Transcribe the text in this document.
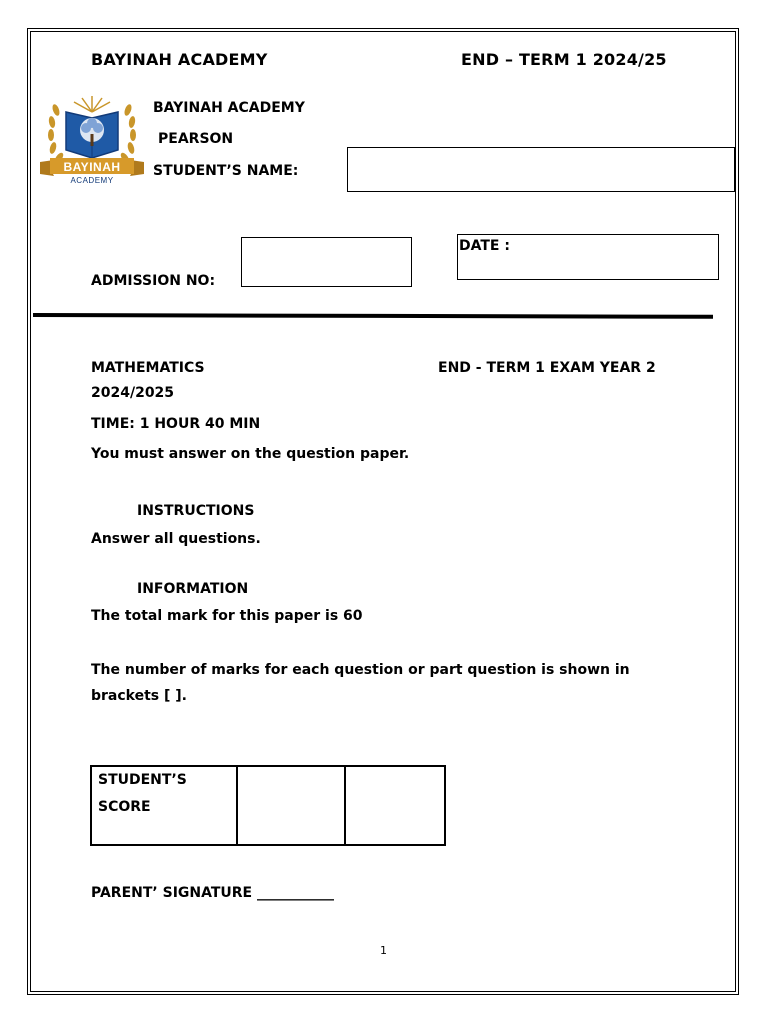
BAYINAH ACADEMY	END – TERM 1 2024/25
BAYINAH
ACADEMY
BAYINAH ACADEMY
PEARSON
STUDENT’S NAME:
DATE :
ADMISSION NO:
MATHEMATICS	END - TERM 1 EXAM YEAR 2
2024/2025
TIME: 1 HOUR 40 MIN
You must answer on the question paper.
INSTRUCTIONS
Answer all questions.
INFORMATION
The total mark for this paper is 60
The number of marks for each question or part question is shown in
brackets [ ].
STUDENT’S
SCORE

PARENT’ SIGNATURE ___________
1
